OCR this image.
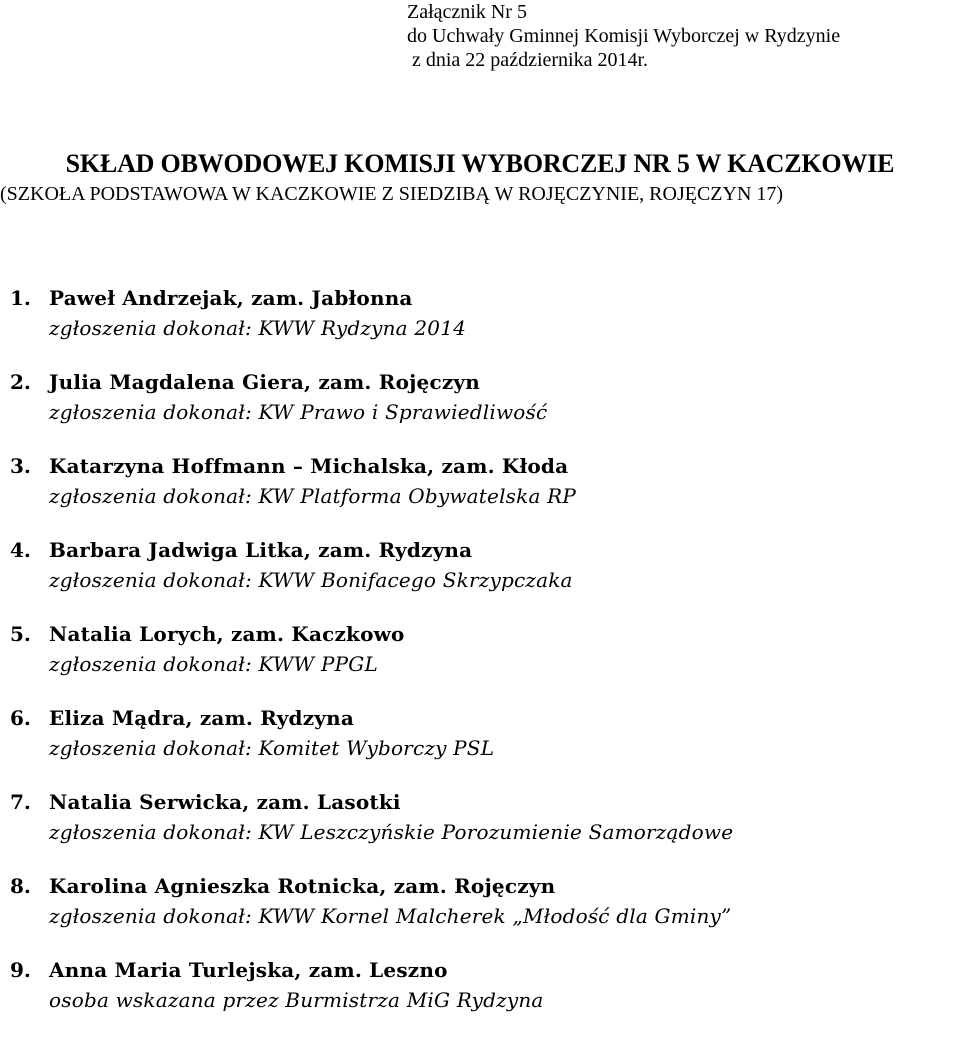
Załącznik Nr 5
do Uchwały Gminnej Komisji Wyborczej w Rydzynie
z dnia 22 października 2014r.
SKŁAD OBWODOWEJ KOMISJI WYBORCZEJ NR 5 W KACZKOWIE
(SZKOŁA PODSTAWOWA W KACZKOWIE Z SIEDZIBĄ W ROJĘCZYNIE, ROJĘCZYN 17)
1. Paweł Andrzejak, zam. Jabłonna
zgłoszenia dokonał: KWW Rydzyna 2014
2. Julia Magdalena Giera, zam. Rojęczyn
zgłoszenia dokonał: KW Prawo i Sprawiedliwość
3. Katarzyna Hoffmann – Michalska, zam. Kłoda
zgłoszenia dokonał: KW Platforma Obywatelska RP
4. Barbara Jadwiga Litka, zam. Rydzyna
zgłoszenia dokonał: KWW Bonifacego Skrzypczaka
5. Natalia Lorych, zam. Kaczkowo
zgłoszenia dokonał: KWW PPGL
6. Eliza Mądra, zam. Rydzyna
zgłoszenia dokonał: Komitet Wyborczy PSL
7. Natalia Serwicka, zam. Lasotki
zgłoszenia dokonał: KW Leszczyńskie Porozumienie Samorządowe
8. Karolina Agnieszka Rotnicka, zam. Rojęczyn
zgłoszenia dokonał: KWW Kornel Malcherek „Młodość dla Gminy”
9. Anna Maria Turlejska, zam. Leszno
osoba wskazana przez Burmistrza MiG Rydzyna
